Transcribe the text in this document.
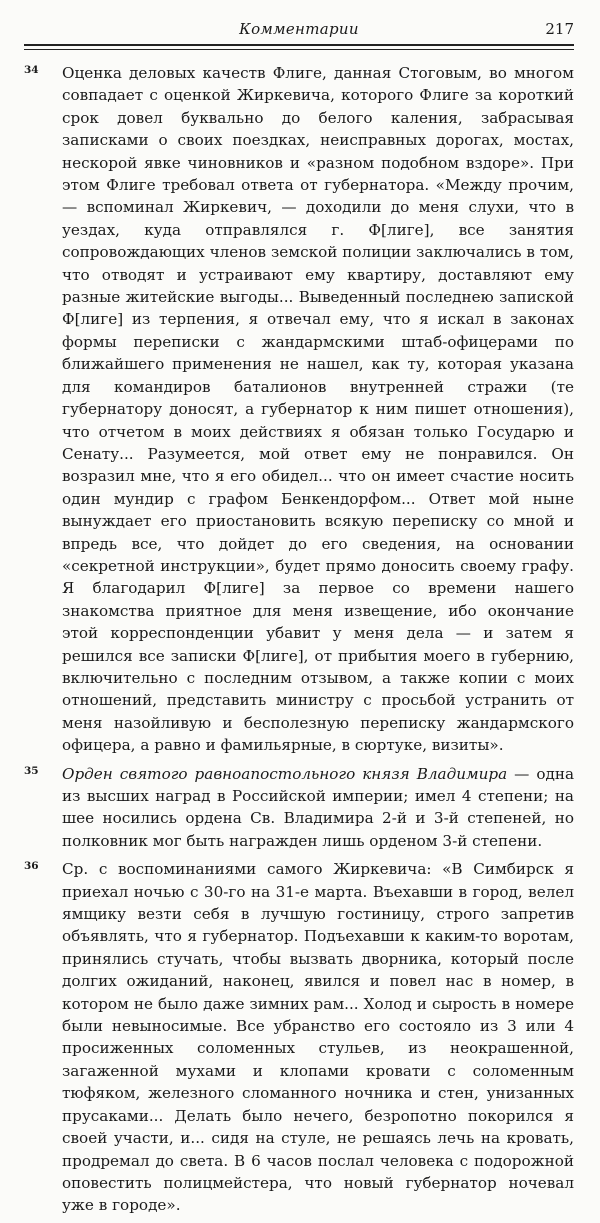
Комментарии	217
34 Оценка деловых качеств Флиге, данная Стоговым, во многом совпадает с оценкой Жиркевича, которого Флиге за короткий срок довел буквально до белого каления, забрасывая записками о своих поездках, неисправных дорогах, мостах, нескорой явке чиновников и «разном подобном вздоре». При этом Флиге требовал ответа от губернатора. «Между прочим, — вспоминал Жиркевич, — доходили до меня слухи, что в уездах, куда отправлялся г. Ф[лиге], все занятия сопровождающих членов земской полиции заключались в том, что отводят и устраивают ему квартиру, доставляют ему разные житейские выгоды... Выведенный последнею запиской Ф[лиге] из терпения, я отвечал ему, что я искал в законах формы переписки с жандармскими штаб-офицерами по ближайшего применения не нашел, как ту, которая указана для командиров баталионов внутренней стражи (те губернатору доносят, а губернатор к ним пишет отношения), что отчетом в моих действиях я обязан только Государю и Сенату... Разумеется, мой ответ ему не понравился. Он возразил мне, что я его обидел... что он имеет счастие носить один мундир с графом Бенкендорфом... Ответ мой ныне вынуждает его приостановить всякую переписку со мной и впредь все, что дойдет до его сведения, на основании «секретной инструкции», будет прямо доносить своему графу. Я благодарил Ф[лиге] за первое со времени нашего знакомства приятное для меня извещение, ибо окончание этой корреспонденции убавит у меня дела — и затем я решился все записки Ф[лиге], от прибытия моего в губернию, включительно с последним отзывом, а также копии с моих отношений, представить министру с просьбой устранить от меня назойливую и бесполезную переписку жандармского офицера, а равно и фамильярные, в сюртуке, визиты».
35 Орден святого равноапостольного князя Владимира — одна из высших наград в Российской империи; имел 4 степени; на шее носились ордена Св. Владимира 2-й и 3-й степеней, но полковник мог быть награжден лишь орденом 3-й степени.
36 Ср. с воспоминаниями самого Жиркевича: «В Симбирск я приехал ночью с 30-го на 31-е марта. Въехавши в город, велел ямщику везти себя в лучшую гостиницу, строго запретив объявлять, что я губернатор. Подъехавши к каким-то воротам, принялись стучать, чтобы вызвать дворника, который после долгих ожиданий, наконец, явился и повел нас в номер, в котором не было даже зимних рам... Холод и сырость в номере были невыносимые. Все убранство его состояло из 3 или 4 просиженных соломенных стульев, из неокрашенной, загаженной мухами и клопами кровати с соломенным тюфяком, железного сломанного ночника и стен, унизанных прусаками... Делать было нечего, безропотно покорился я своей участи, и... сидя на стуле, не решаясь лечь на кровать, продремал до света. В 6 часов послал человека с подорожной оповестить полицмейстера, что новый губернатор ночевал уже в городе».
